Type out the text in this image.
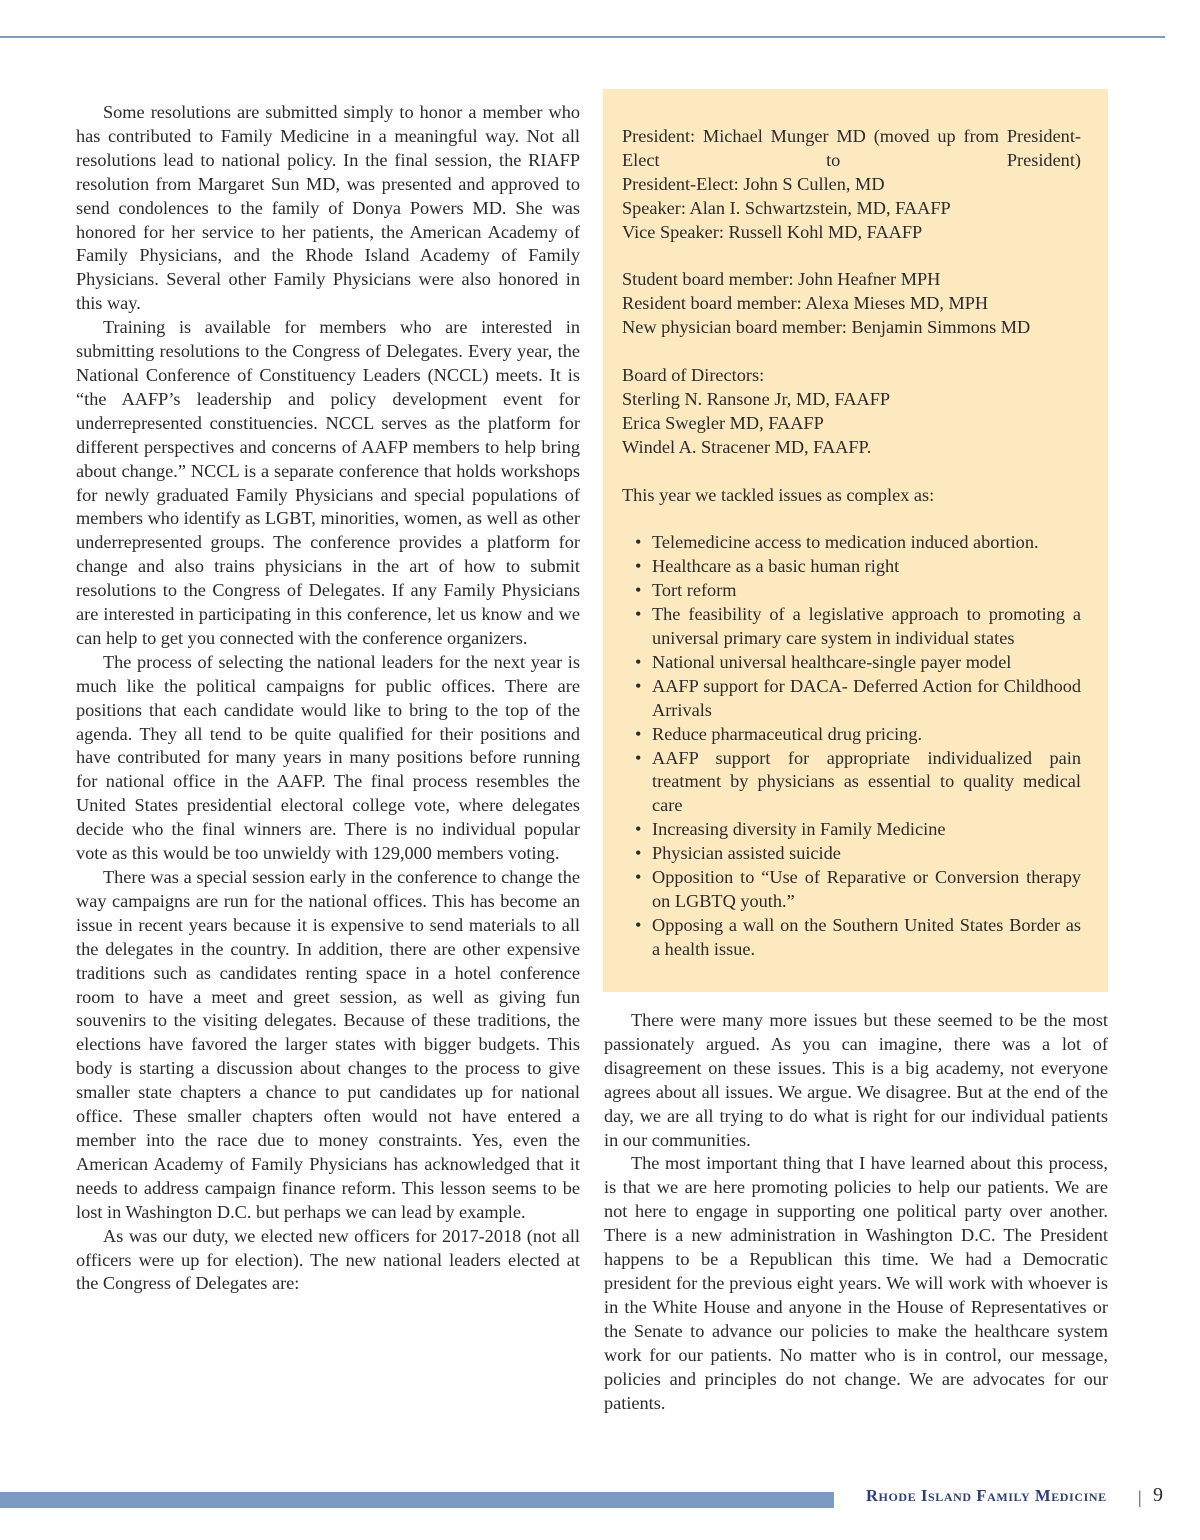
Some resolutions are submitted simply to honor a member who has contributed to Family Medicine in a meaningful way. Not all resolutions lead to national policy. In the final session, the RIAFP resolution from Margaret Sun MD, was presented and approved to send condolences to the family of Donya Powers MD. She was honored for her service to her patients, the American Academy of Family Physicians, and the Rhode Island Academy of Family Physicians. Several other Family Physicians were also honored in this way.

Training is available for members who are interested in submitting resolutions to the Congress of Delegates. Every year, the National Conference of Constituency Leaders (NCCL) meets. It is “the AAFP’s leadership and policy development event for underrepresented constituencies. NCCL serves as the platform for different perspectives and concerns of AAFP members to help bring about change.” NCCL is a separate conference that holds workshops for newly graduated Family Physicians and special populations of members who identify as LGBT, minorities, women, as well as other underrepresented groups. The conference provides a platform for change and also trains physicians in the art of how to submit resolutions to the Congress of Delegates. If any Family Physicians are interested in participating in this conference, let us know and we can help to get you connected with the conference organizers.

The process of selecting the national leaders for the next year is much like the political campaigns for public offices. There are positions that each candidate would like to bring to the top of the agenda. They all tend to be quite qualified for their positions and have contributed for many years in many positions before running for national office in the AAFP. The final process resembles the United States presidential electoral college vote, where delegates decide who the final winners are. There is no individual popular vote as this would be too unwieldy with 129,000 members voting.

There was a special session early in the conference to change the way campaigns are run for the national offices. This has become an issue in recent years because it is expensive to send materials to all the delegates in the country. In addition, there are other expensive traditions such as candidates renting space in a hotel conference room to have a meet and greet session, as well as giving fun souvenirs to the visiting delegates. Because of these traditions, the elections have favored the larger states with bigger budgets. This body is starting a discussion about changes to the process to give smaller state chapters a chance to put candidates up for national office. These smaller chapters often would not have entered a member into the race due to money constraints. Yes, even the American Academy of Family Physicians has acknowledged that it needs to address campaign finance reform. This lesson seems to be lost in Washington D.C. but perhaps we can lead by example.

As was our duty, we elected new officers for 2017-2018 (not all officers were up for election). The new national leaders elected at the Congress of Delegates are:

President: Michael Munger MD (moved up from President-Elect to President)
President-Elect: John S Cullen, MD
Speaker: Alan I. Schwartzstein, MD, FAAFP
Vice Speaker: Russell Kohl MD, FAAFP
Student board member: John Heafner MPH
Resident board member: Alexa Mieses MD, MPH
New physician board member: Benjamin Simmons MD
Board of Directors:
Sterling N. Ransone Jr, MD, FAAFP
Erica Swegler MD, FAAFP
Windel A. Stracener MD, FAAFP.
This year we tackled issues as complex as:
• Telemedicine access to medication induced abortion.
• Healthcare as a basic human right
• Tort reform
• The feasibility of a legislative approach to promoting a universal primary care system in individual states
• National universal healthcare-single payer model
• AAFP support for DACA- Deferred Action for Childhood Arrivals
• Reduce pharmaceutical drug pricing.
• AAFP support for appropriate individualized pain treatment by physicians as essential to quality medical care
• Increasing diversity in Family Medicine
• Physician assisted suicide
• Opposition to “Use of Reparative or Conversion therapy on LGBTQ youth.”
• Opposing a wall on the Southern United States Border as a health issue.

There were many more issues but these seemed to be the most passionately argued. As you can imagine, there was a lot of disagreement on these issues. This is a big academy, not everyone agrees about all issues. We argue. We disagree. But at the end of the day, we are all trying to do what is right for our individual patients in our communities.

The most important thing that I have learned about this process, is that we are here promoting policies to help our patients. We are not here to engage in supporting one political party over another. There is a new administration in Washington D.C. The President happens to be a Republican this time. We had a Democratic president for the previous eight years. We will work with whoever is in the White House and anyone in the House of Representatives or the Senate to advance our policies to make the healthcare system work for our patients. No matter who is in control, our message, policies and principles do not change. We are advocates for our patients.

Rhode Island Family Medicine | 9
